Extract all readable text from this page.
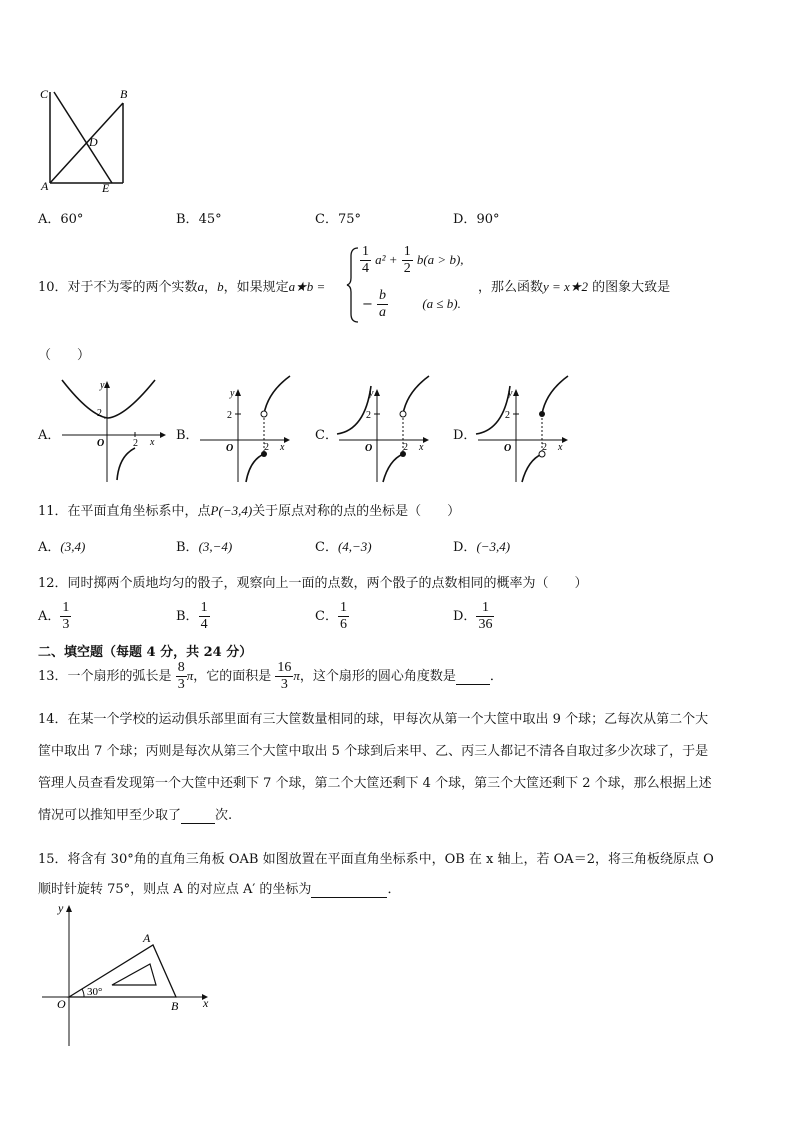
C	B
D
A	E
A．60°	B．45°	C．75°	D．90°
10．对于不为零的两个实数a，b，如果规定a★b =
$\frac{1}{4} a^2 + \frac{1}{2} b(a > b)$,
− $\frac{b}{a}$	(a ≤ b).
，那么函数y = x★2 的图象大致是
（　　）
A．	B．	C．	D．
y
x
O
2
2
y
x
O
2
2
y
x
O
2
2
y
x
O
2
2
11．在平面直角坐标系中，点P(−3,4)关于原点对称的点的坐标是（　　）
A．(3,4)	B．(3,−4)	C．(4,−3)	D．(−3,4)
12．同时掷两个质地均匀的骰子，观察向上一面的点数，两个骰子的点数相同的概率为（　　）
A． $\frac{1}{3}$	B． $\frac{1}{4}$	C． $\frac{1}{6}$	D． $\frac{1}{36}$
二、填空题（每题 4 分，共 24 分）
13．一个扇形的弧长是 $\frac{8}{3}$ π，它的面积是 $\frac{16}{3}$ π，这个扇形的圆心角度数是	．
14．在某一个学校的运动俱乐部里面有三大筐数量相同的球，甲每次从第一个大筐中取出 9 个球；乙每次从第二个大
筐中取出 7 个球；丙则是每次从第三个大筐中取出 5 个球到后来甲、乙、丙三人都记不清各自取过多少次球了，于是
管理人员查看发现第一个大筐中还剩下 7 个球，第二个大筐还剩下 4 个球，第三个大筐还剩下 2 个球，那么根据上述
情况可以推知甲至少取了	次.
15．将含有 30°角的直角三角板 OAB 如图放置在平面直角坐标系中，OB 在 x 轴上，若 OA＝2，将三角板绕原点 O
顺时针旋转 75°，则点 A 的对应点 A′ 的坐标为	．
y
x
O
A
B
30°
